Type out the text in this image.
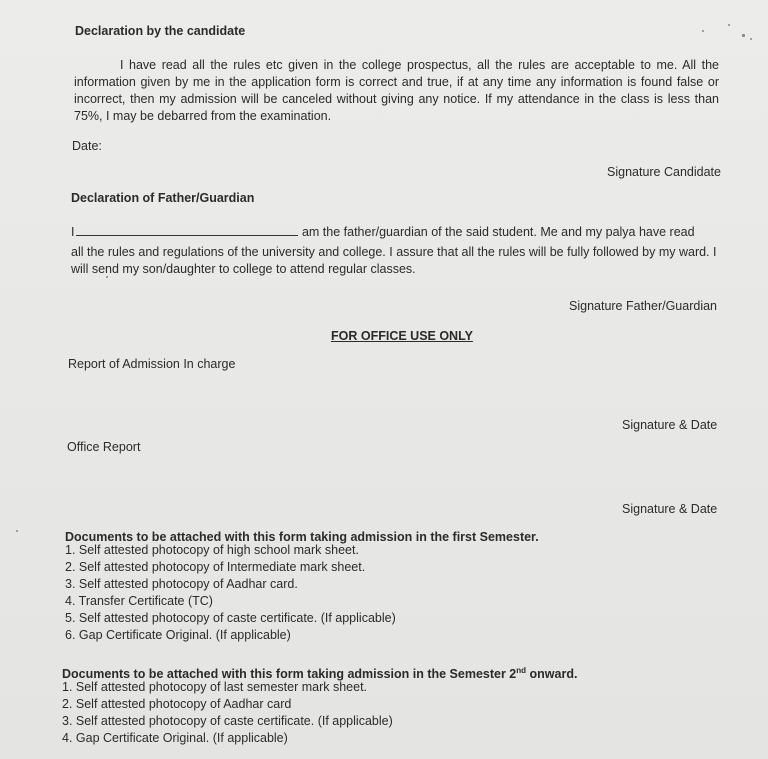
Declaration by the candidate
I have read all the rules etc given in the college prospectus, all the rules are acceptable to me. All the information given by me in the application form is correct and true, if at any time any information is found false or incorrect, then my admission will be canceled without giving any notice. If my attendance in the class is less than 75%, I may be debarred from the examination.
Date:
Signature Candidate
Declaration of Father/Guardian
I	am the father/guardian of the said student. Me and my palya have read
all the rules and regulations of the university and college. I assure that all the rules will be fully followed by my ward. I will send my son/daughter to college to attend regular classes.
Signature Father/Guardian
FOR OFFICE USE ONLY
Report of Admission In charge
Signature & Date
Office Report
Signature & Date
Documents to be attached with this form taking admission in the first Semester.
1. Self attested photocopy of high school mark sheet.
2. Self attested photocopy of Intermediate mark sheet.
3. Self attested photocopy of Aadhar card.
4. Transfer Certificate (TC)
5. Self attested photocopy of caste certificate. (If applicable)
6. Gap Certificate Original. (If applicable)
Documents to be attached with this form taking admission in the Semester 2nd onward.
1. Self attested photocopy of last semester mark sheet.
2. Self attested photocopy of Aadhar card
3. Self attested photocopy of caste certificate. (If applicable)
4. Gap Certificate Original. (If applicable)
